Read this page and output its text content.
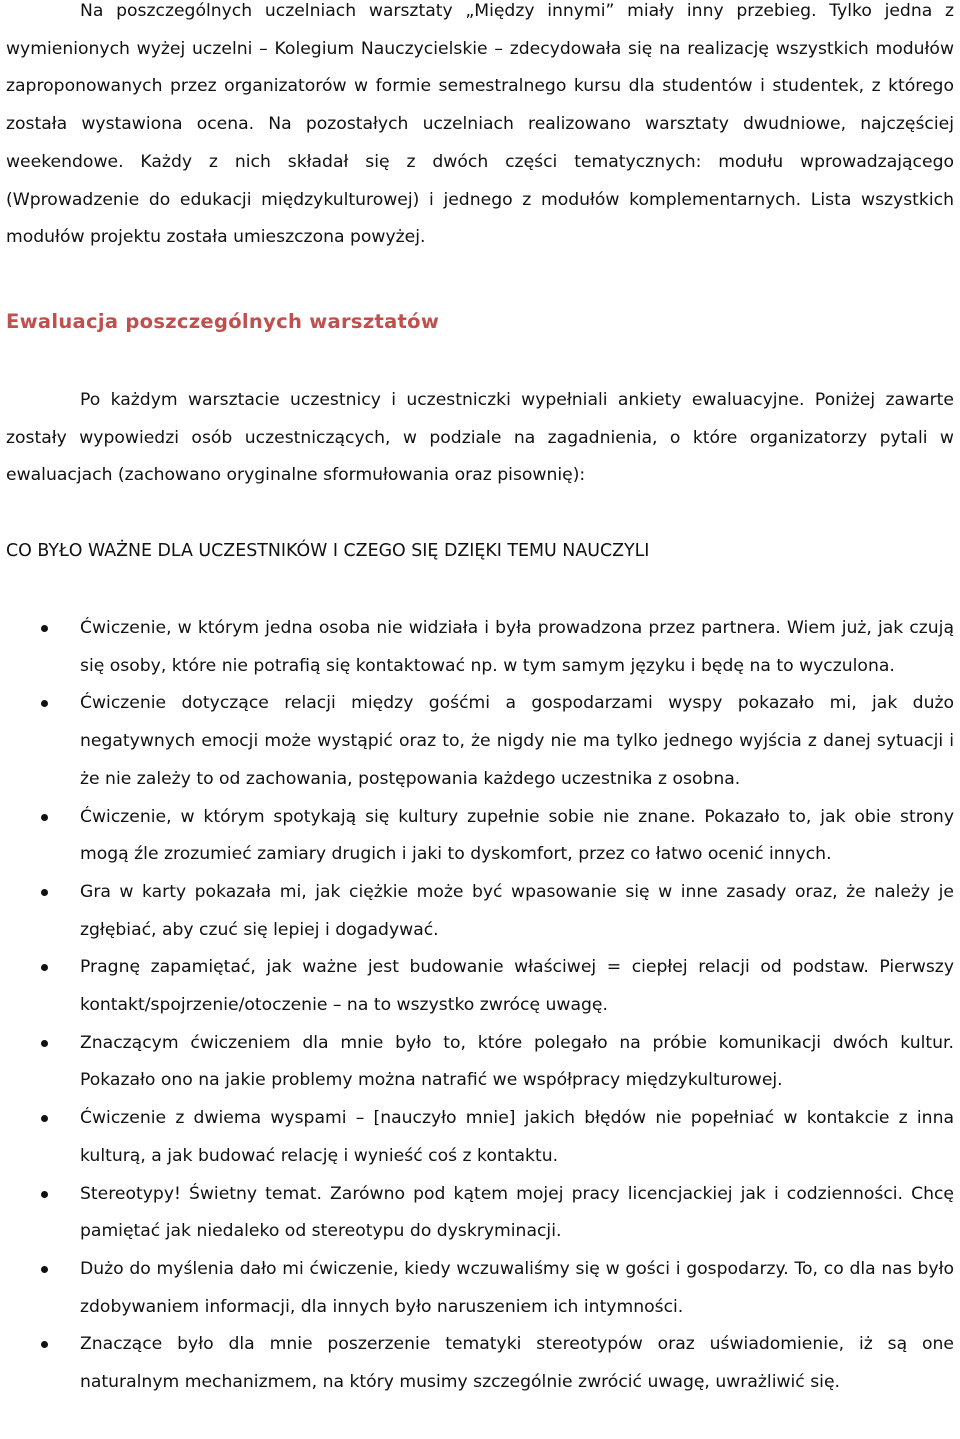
Na poszczególnych uczelniach warsztaty „Między innymi” miały inny przebieg. Tylko jedna z wymienionych wyżej uczelni – Kolegium Nauczycielskie – zdecydowała się na realizację wszystkich modułów zaproponowanych przez organizatorów w formie semestralnego kursu dla studentów i studentek, z którego została wystawiona ocena. Na pozostałych uczelniach realizowano warsztaty dwudniowe, najczęściej weekendowe. Każdy z nich składał się z dwóch części tematycznych: modułu wprowadzającego (Wprowadzenie do edukacji międzykulturowej) i jednego z modułów komplementarnych. Lista wszystkich modułów projektu została umieszczona powyżej.

Ewaluacja poszczególnych warsztatów

Po każdym warsztacie uczestnicy i uczestniczki wypełniali ankiety ewaluacyjne. Poniżej zawarte zostały wypowiedzi osób uczestniczących, w podziale na zagadnienia, o które organizatorzy pytali w ewaluacjach (zachowano oryginalne sformułowania oraz pisownię):

CO BYŁO WAŻNE DLA UCZESTNIKÓW I CZEGO SIĘ DZIĘKI TEMU NAUCZYLI

Ćwiczenie, w którym jedna osoba nie widziała i była prowadzona przez partnera. Wiem już, jak czują się osoby, które nie potrafią się kontaktować np. w tym samym języku i będę na to wyczulona.
Ćwiczenie dotyczące relacji między gośćmi a gospodarzami wyspy pokazało mi, jak dużo negatywnych emocji może wystąpić oraz to, że nigdy nie ma tylko jednego wyjścia z danej sytuacji i że nie zależy to od zachowania, postępowania każdego uczestnika z osobna.
Ćwiczenie, w którym spotykają się kultury zupełnie sobie nie znane. Pokazało to, jak obie strony mogą źle zrozumieć zamiary drugich i jaki to dyskomfort, przez co łatwo ocenić innych.
Gra w karty pokazała mi, jak ciężkie może być wpasowanie się w inne zasady oraz, że należy je zgłębiać, aby czuć się lepiej i dogadywać.
Pragnę zapamiętać, jak ważne jest budowanie właściwej = ciepłej relacji od podstaw. Pierwszy kontakt/spojrzenie/otoczenie – na to wszystko zwrócę uwagę.
Znaczącym ćwiczeniem dla mnie było to, które polegało na próbie komunikacji dwóch kultur. Pokazało ono na jakie problemy można natrafić we współpracy międzykulturowej.
Ćwiczenie z dwiema wyspami – [nauczyło mnie] jakich błędów nie popełniać w kontakcie z inna kulturą, a jak budować relację i wynieść coś z kontaktu.
Stereotypy! Świetny temat. Zarówno pod kątem mojej pracy licencjackiej jak i codzienności. Chcę pamiętać jak niedaleko od stereotypu do dyskryminacji.
Dużo do myślenia dało mi ćwiczenie, kiedy wczuwaliśmy się w gości i gospodarzy. To, co dla nas było zdobywaniem informacji, dla innych było naruszeniem ich intymności.
Znaczące było dla mnie poszerzenie tematyki stereotypów oraz uświadomienie, iż są one naturalnym mechanizmem, na który musimy szczególnie zwrócić uwagę, uwrażliwić się.
